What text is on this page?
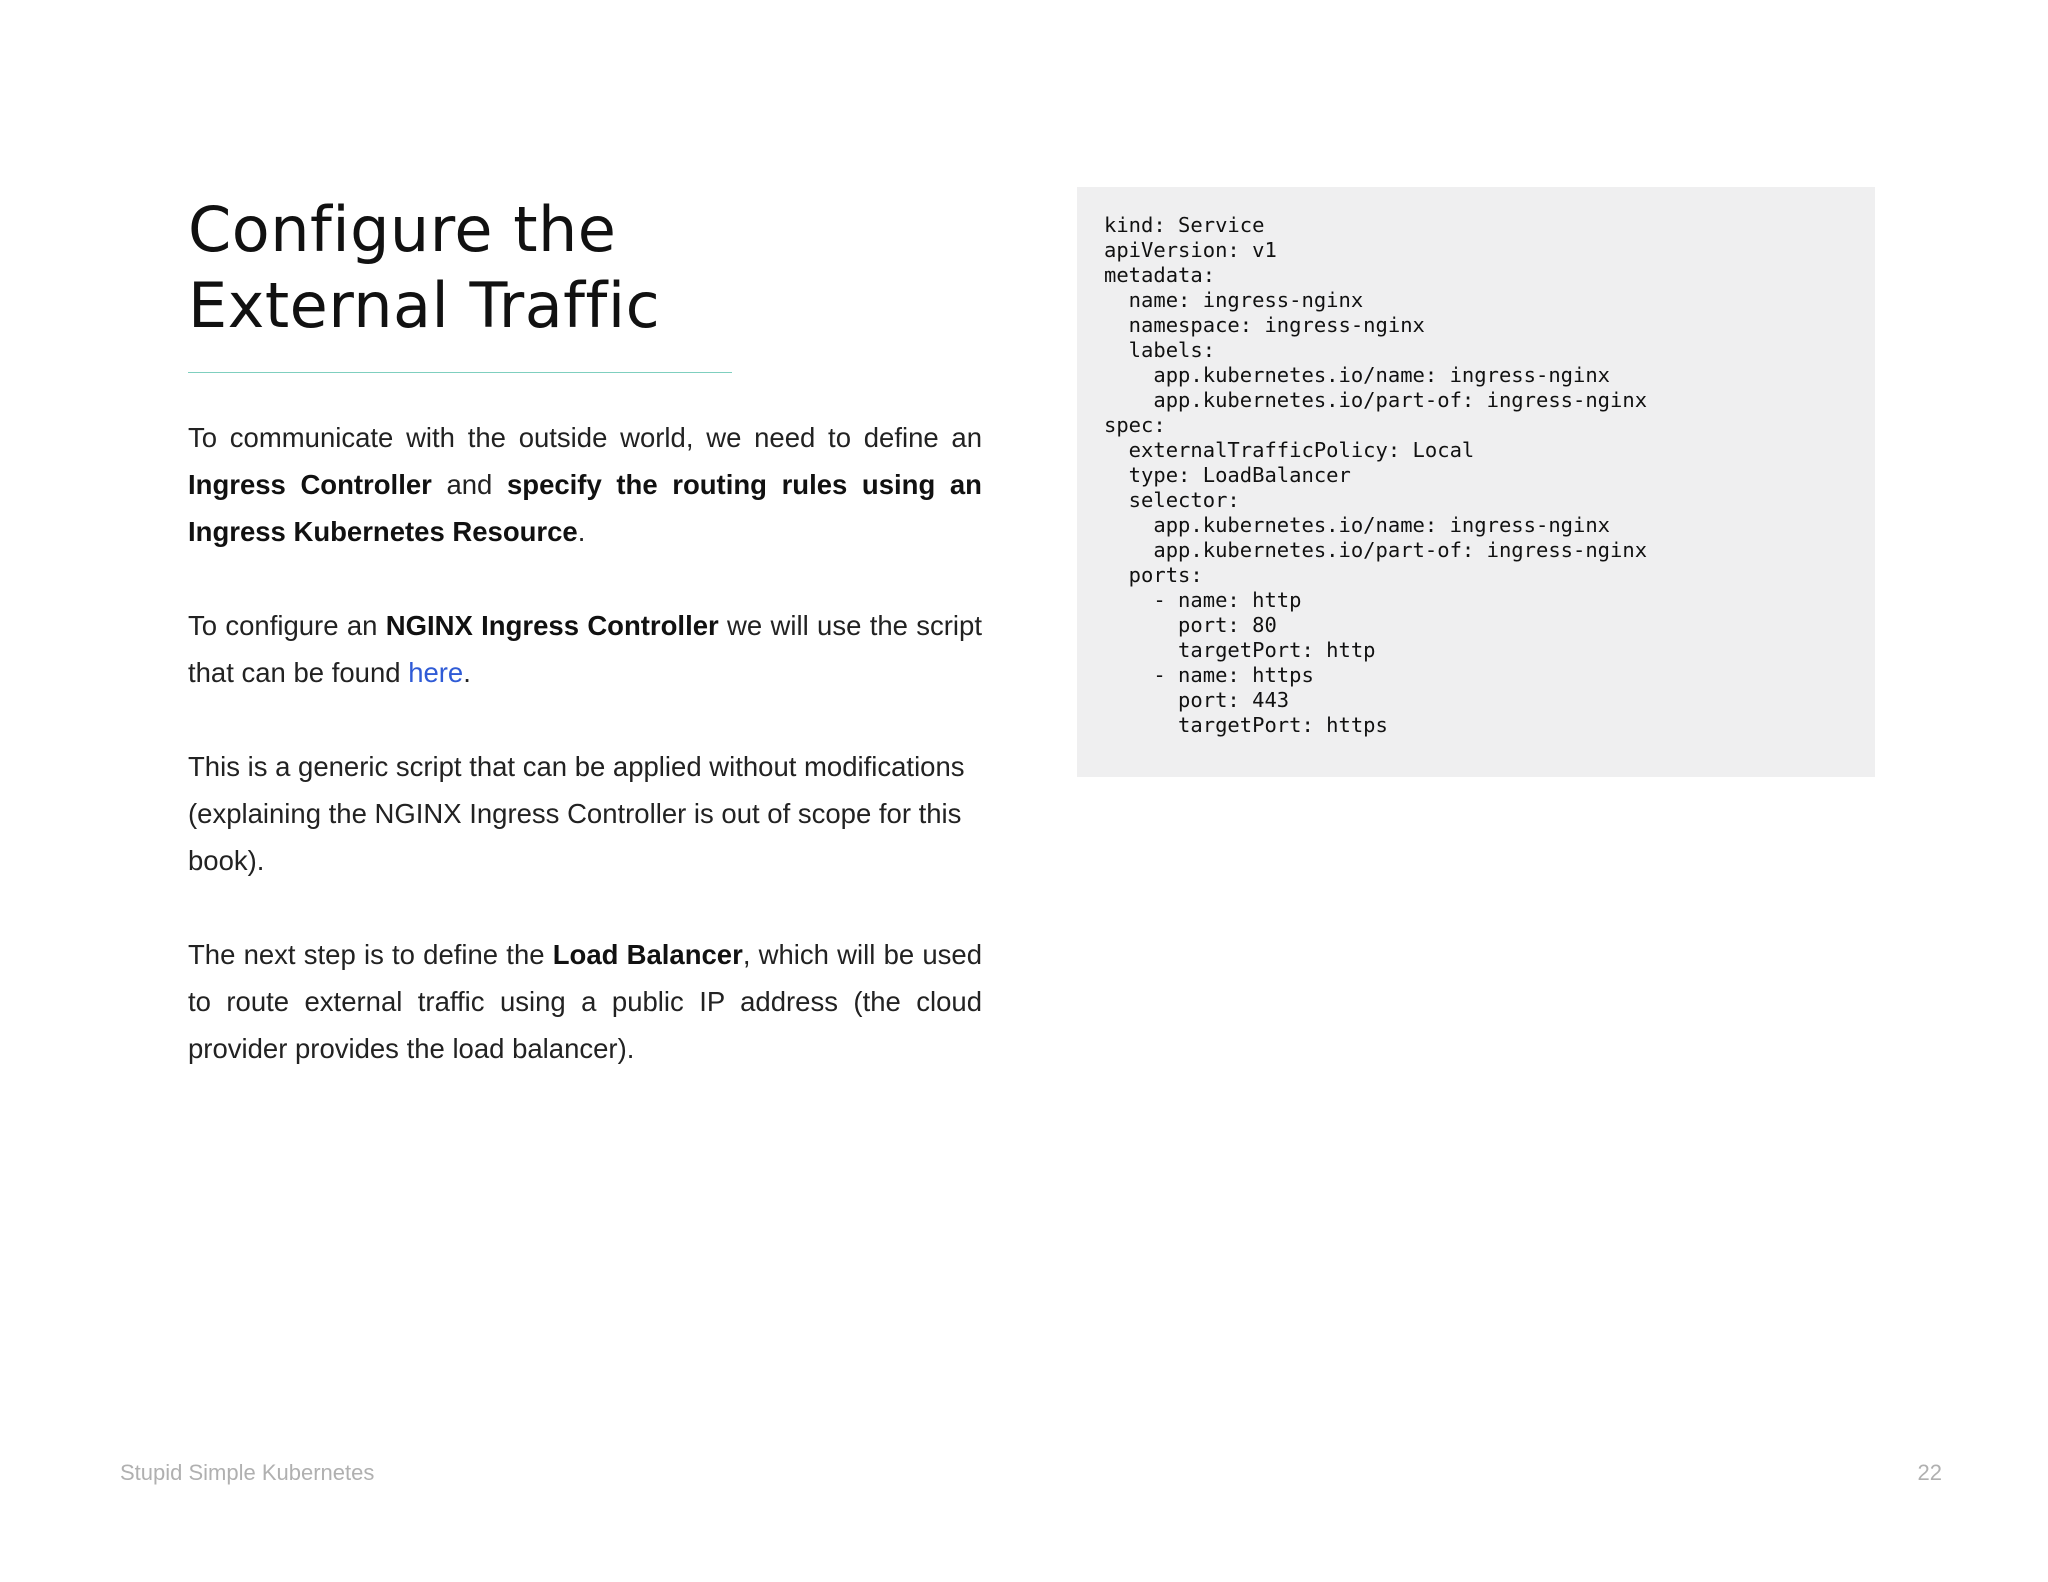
Configure the
External Traffic

To communicate with the outside world, we need to define an Ingress Controller and specify the routing rules using an Ingress Kubernetes Resource.

To configure an NGINX Ingress Controller we will use the script that can be found here.

This is a generic script that can be applied without modifications (explaining the NGINX Ingress Controller is out of scope for this book).

The next step is to define the Load Balancer, which will be used to route external traffic using a public IP address (the cloud provider provides the load balancer).

kind: Service
apiVersion: v1
metadata:
name: ingress-nginx
namespace: ingress-nginx
labels:
app.kubernetes.io/name: ingress-nginx
app.kubernetes.io/part-of: ingress-nginx
spec:
externalTrafficPolicy: Local
type: LoadBalancer
selector:
app.kubernetes.io/name: ingress-nginx
app.kubernetes.io/part-of: ingress-nginx
ports:
- name: http
port: 80
targetPort: http
- name: https
port: 443
targetPort: https
Stupid Simple Kubernetes	22
